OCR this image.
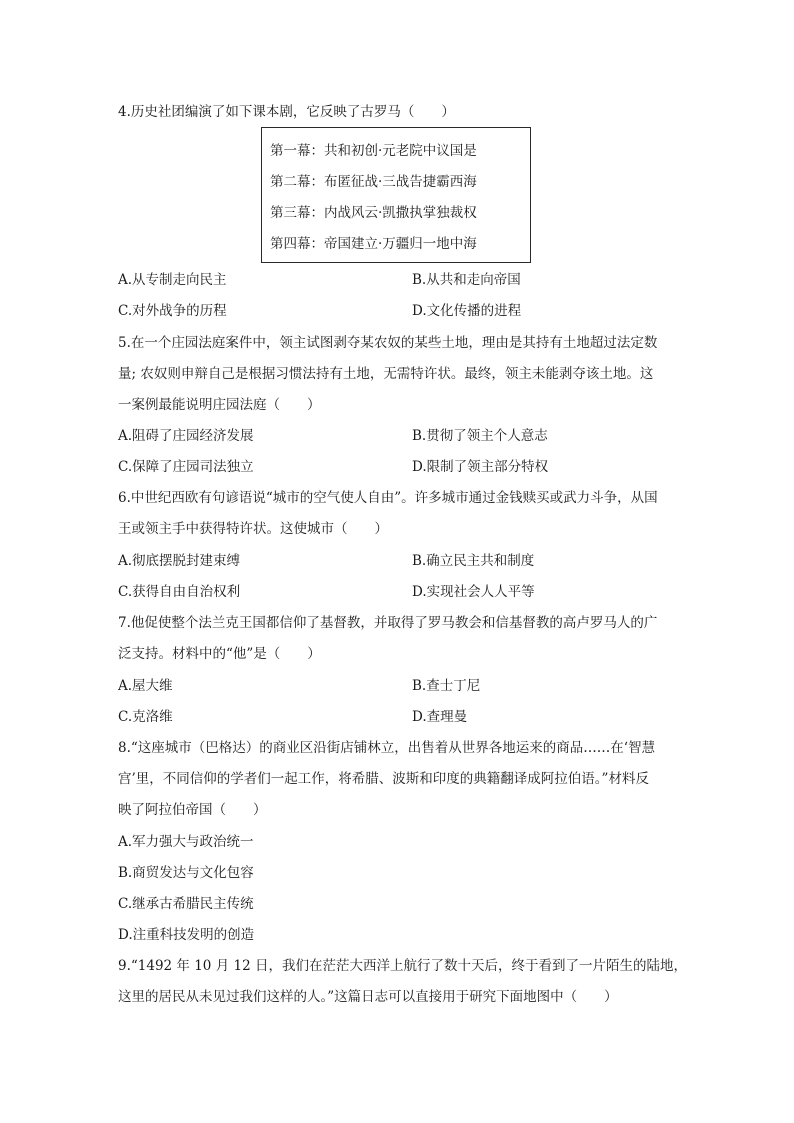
4.历史社团编演了如下课本剧，它反映了古罗马（　　）
第一幕：共和初创·元老院中议国是
第二幕：布匿征战·三战告捷霸西海
第三幕：内战风云·凯撒执掌独裁权
第四幕：帝国建立·万疆归一地中海
A.从专制走向民主	B.从共和走向帝国
C.对外战争的历程	D.文化传播的进程
5.在一个庄园法庭案件中，领主试图剥夺某农奴的某些土地，理由是其持有土地超过法定数
量; 农奴则申辩自己是根据习惯法持有土地，无需特许状。最终，领主未能剥夺该土地。这
一案例最能说明庄园法庭（　　）
A.阻碍了庄园经济发展	B.贯彻了领主个人意志
C.保障了庄园司法独立	D.限制了领主部分特权
6.中世纪西欧有句谚语说“城市的空气使人自由”。许多城市通过金钱赎买或武力斗争，从国
王或领主手中获得特许状。这使城市（　　）
A.彻底摆脱封建束缚	B.确立民主共和制度
C.获得自由自治权利	D.实现社会人人平等
7.他促使整个法兰克王国都信仰了基督教，并取得了罗马教会和信基督教的高卢罗马人的广
泛支持。材料中的“他”是（　　）
A.屋大维	B.查士丁尼
C.克洛维	D.查理曼
8.“这座城市（巴格达）的商业区沿街店铺林立，出售着从世界各地运来的商品……在‘智慧
宫’里，不同信仰的学者们一起工作，将希腊、波斯和印度的典籍翻译成阿拉伯语。”材料反
映了阿拉伯帝国（　　）
A.军力强大与政治统一
B.商贸发达与文化包容
C.继承古希腊民主传统
D.注重科技发明的创造
9.“1492 年 10 月 12 日，我们在茫茫大西洋上航行了数十天后，终于看到了一片陌生的陆地，
这里的居民从未见过我们这样的人。”这篇日志可以直接用于研究下面地图中（　　）
